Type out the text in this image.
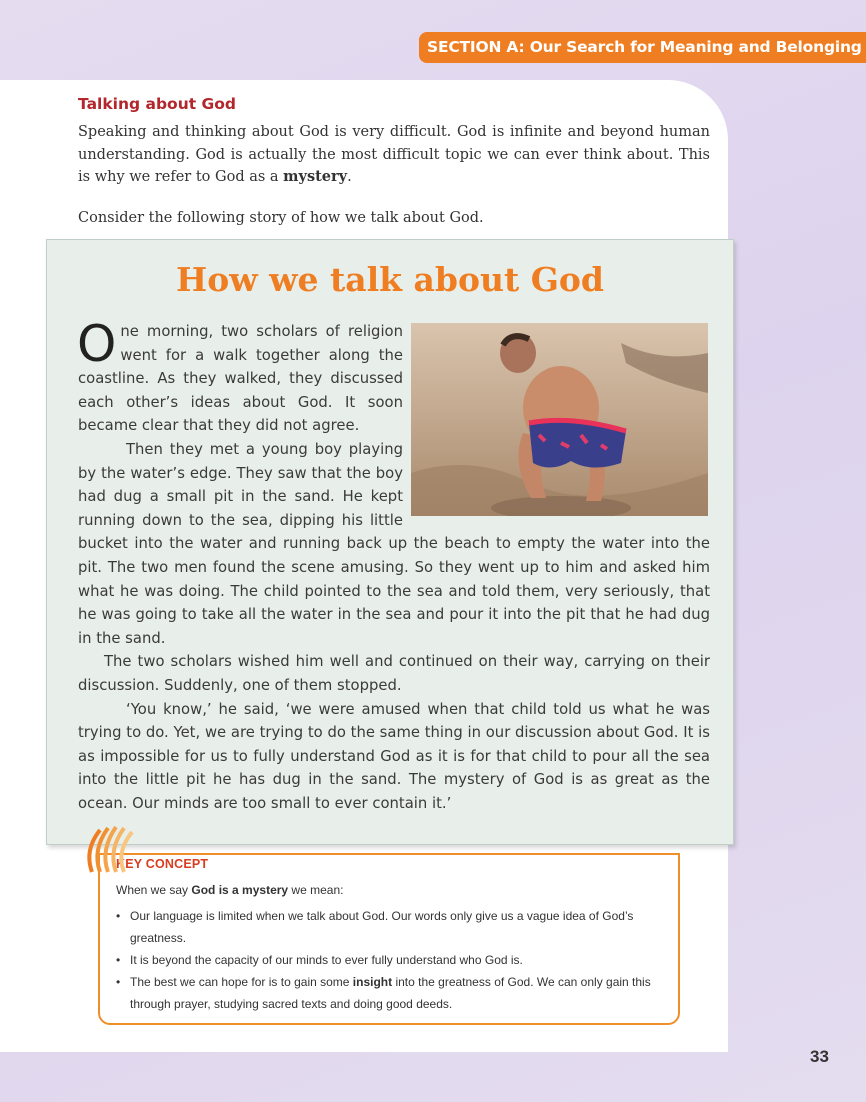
SECTION A: Our Search for Meaning and Belonging
Talking about God

Speaking and thinking about God is very difficult. God is infinite and beyond human understanding. God is actually the most difficult topic we can ever think about. This is why we refer to God as a mystery.

Consider the following story of how we talk about God.

How we talk about God

One morning, two scholars of religion went for a walk together along the coastline. As they walked, they discussed each other’s ideas about God. It soon became clear that they did not agree.

Then they met a young boy playing by the water’s edge. They saw that the boy had dug a small pit in the sand. He kept running down to the sea, dipping his little bucket into the water and running back up the beach to empty the water into the pit. The two men found the scene amusing. So they went up to him and asked him what he was doing. The child pointed to the sea and told them, very seriously, that he was going to take all the water in the sea and pour it into the pit that he had dug in the sand.

The two scholars wished him well and continued on their way, carrying on their discussion. Suddenly, one of them stopped.

‘You know,’ he said, ‘we were amused when that child told us what he was trying to do. Yet, we are trying to do the same thing in our discussion about God. It is as impossible for us to fully understand God as it is for that child to pour all the sea into the little pit he has dug in the sand. The mystery of God is as great as the ocean. Our minds are too small to ever contain it.’

KEY CONCEPT

When we say God is a mystery we mean:

• Our language is limited when we talk about God. Our words only give us a vague idea of God’s greatness.
• It is beyond the capacity of our minds to ever fully understand who God is.
• The best we can hope for is to gain some insight into the greatness of God. We can only gain this through prayer, studying sacred texts and doing good deeds.
33
